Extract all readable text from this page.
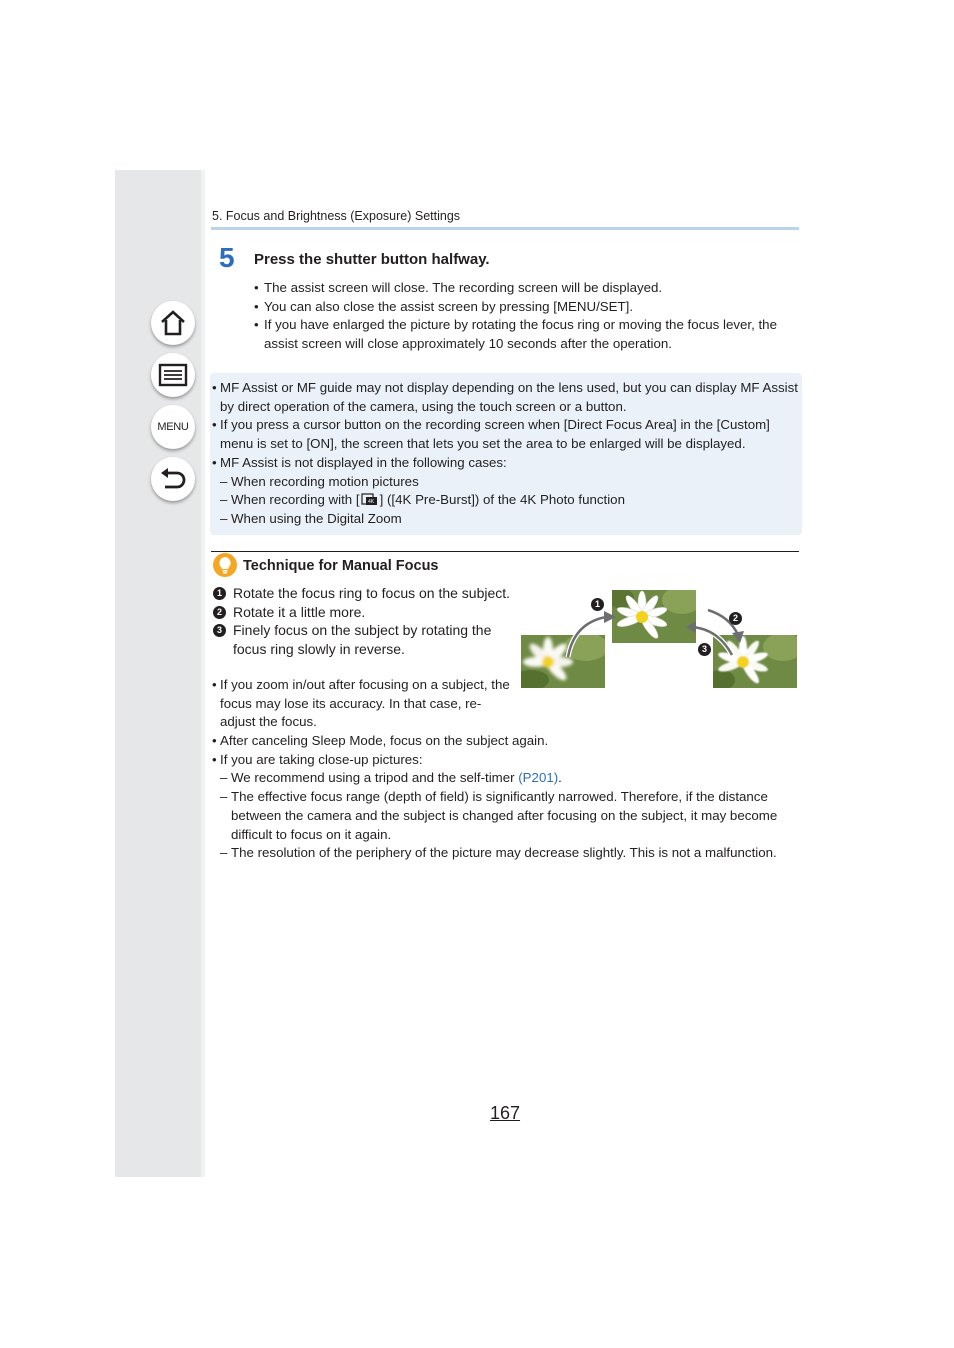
MENU
5. Focus and Brightness (Exposure) Settings
5 Press the shutter button halfway.
• The assist screen will close. The recording screen will be displayed.
• You can also close the assist screen by pressing [MENU/SET].
• If you have enlarged the picture by rotating the focus ring or moving the focus lever, the assist screen will close approximately 10 seconds after the operation.
• MF Assist or MF guide may not display depending on the lens used, but you can display MF Assist by direct operation of the camera, using the touch screen or a button.
• If you press a cursor button on the recording screen when [Direct Focus Area] in the [Custom] menu is set to [ON], the screen that lets you set the area to be enlarged will be displayed.
• MF Assist is not displayed in the following cases:
– When recording motion pictures
– When recording with [ 4K ] ([4K Pre-Burst]) of the 4K Photo function
– When using the Digital Zoom
Technique for Manual Focus
1 Rotate the focus ring to focus on the subject.
2 Rotate it a little more.
3 Finely focus on the subject by rotating the focus ring slowly in reverse.
• If you zoom in/out after focusing on a subject, the focus may lose its accuracy. In that case, re-adjust the focus.
1
2
3
• After canceling Sleep Mode, focus on the subject again.
• If you are taking close-up pictures:
– We recommend using a tripod and the self-timer (P201).
– The effective focus range (depth of field) is significantly narrowed. Therefore, if the distance between the camera and the subject is changed after focusing on the subject, it may become difficult to focus on it again.
– The resolution of the periphery of the picture may decrease slightly. This is not a malfunction.
167
